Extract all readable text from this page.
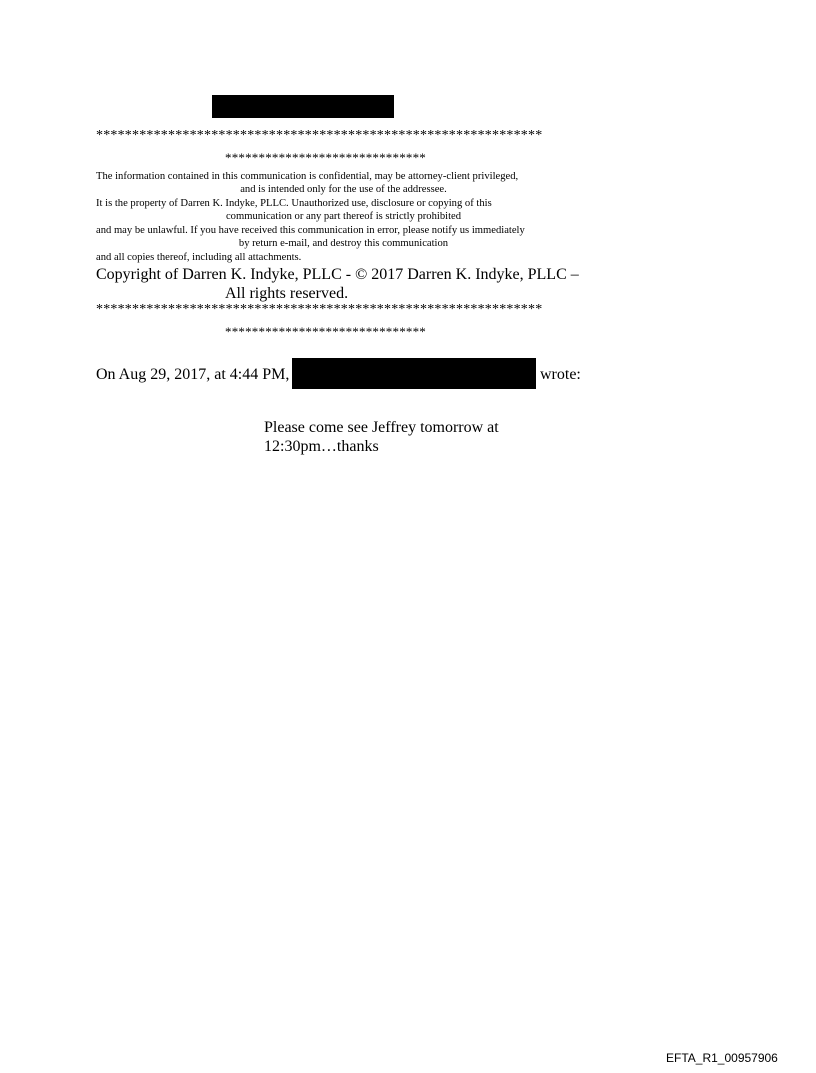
**************************************************************
******************************
The information contained in this communication is confidential, may be attorney-client privileged,
and is intended only for the use of the addressee.
It is the property of Darren K. Indyke, PLLC. Unauthorized use, disclosure or copying of this
communication or any part thereof is strictly prohibited
and may be unlawful. If you have received this communication in error, please notify us immediately
by return e-mail, and destroy this communication
and all copies thereof, including all attachments.
Copyright of Darren K. Indyke, PLLC - © 2017 Darren K. Indyke, PLLC –
All rights reserved.
**************************************************************
******************************
On Aug 29, 2017, at 4:44 PM,	wrote:
Please come see Jeffrey tomorrow at
12:30pm…thanks
EFTA_R1_00957906
